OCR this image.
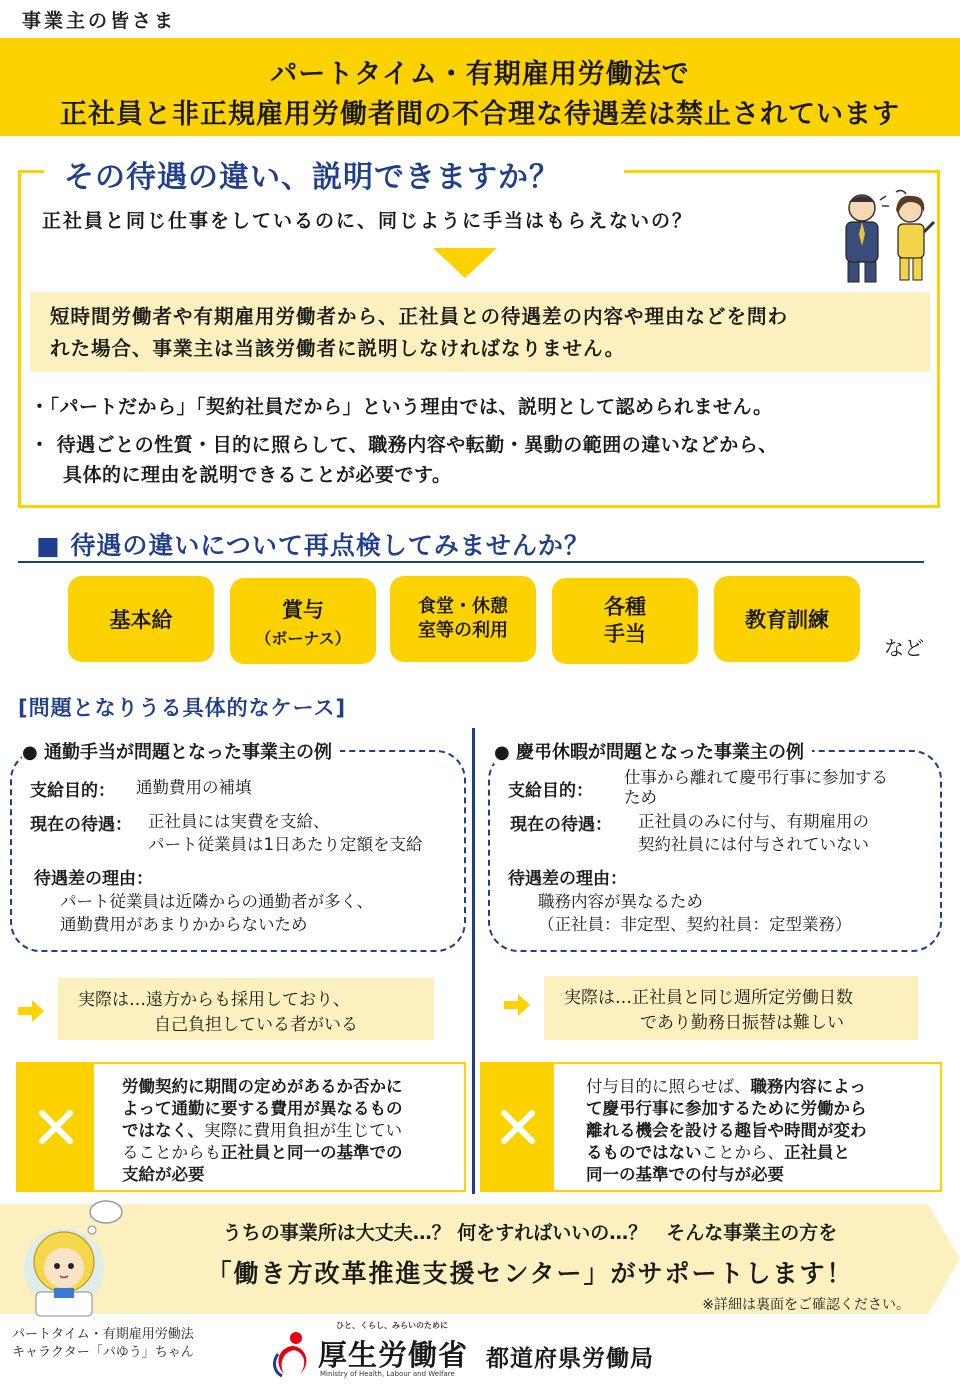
事業主の皆さま
パートタイム・有期雇用労働法で
正社員と非正規雇用労働者間の不合理な待遇差は禁止されています
その待遇の違い、説明できますか？
正社員と同じ仕事をしているのに、同じように手当はもらえないの？
短時間労働者や有期雇用労働者から、正社員との待遇差の内容や理由などを問わ
れた場合、事業主は当該労働者に説明しなければなりません。
・「パートだから」「契約社員だから」という理由では、説明として認められません。
・ 待遇ごとの性質・目的に照らして、職務内容や転勤・異動の範囲の違いなどから、
具体的に理由を説明できることが必要です。
■ 待遇の違いについて再点検してみませんか？
基本給	賞与
（ボーナス）
食堂・休憩
室等の利用
各種
手当
教育訓練
など
[問題となりうる具体的なケース]
● 通勤手当が問題となった事業主の例
支給目的： 通勤費用の補填
現在の待遇： 正社員には実費を支給、
パート従業員は1日あたり定額を支給
待遇差の理由：
パート従業員は近隣からの通勤者が多く、
通勤費用があまりかからないため
実際は…遠方からも採用しており、
自己負担している者がいる
労働契約に期間の定めがあるか否かに
よって通勤に要する費用が異なるもの
ではなく、実際に費用負担が生じてい
ることからも正社員と同一の基準での
支給が必要
● 慶弔休暇が問題となった事業主の例
支給目的：
仕事から離れて慶弔行事に参加する
ため
現在の待遇： 正社員のみに付与、有期雇用の
契約社員には付与されていない
待遇差の理由：
職務内容が異なるため
（正社員：非定型、契約社員：定型業務）
実際は…正社員と同じ週所定労働日数
であり勤務日振替は難しい
付与目的に照らせば、職務内容によっ
て慶弔行事に参加するために労働から
離れる機会を設ける趣旨や時間が変わ
るものではないことから、正社員と
同一の基準での付与が必要
うちの事業所は大丈夫…？ 何をすればいいの…？　そんな事業主の方を
「働き方改革推進支援センター」がサポートします！
※詳細は裏面をご確認ください。
パートタイム・有期雇用労働法
キャラクター「パゆう」ちゃん
ひと、くらし、みらいのために
厚生労働省
Ministry of Health, Labour and Welfare
都道府県労働局
